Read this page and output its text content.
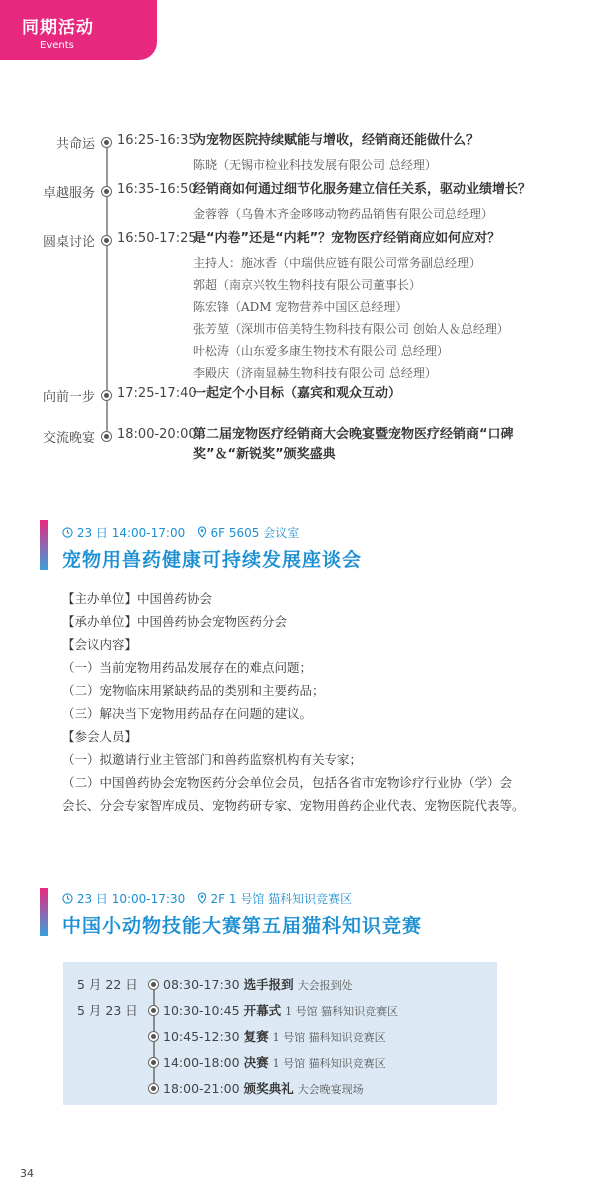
同期活动
Events
共命运 16:25-16:35
为宠物医院持续赋能与增收，经销商还能做什么？
陈晓（无锡市检业科技发展有限公司 总经理）
卓越服务 16:35-16:50
经销商如何通过细节化服务建立信任关系，驱动业绩增长？
金蓉蓉（乌鲁木齐金哆哆动物药品销售有限公司总经理）
圆桌讨论 16:50-17:25
是“内卷”还是“内耗”？宠物医疗经销商应如何应对？
主持人：施冰香（中瑞供应链有限公司常务副总经理）
郭超（南京兴牧生物科技有限公司董事长）
陈宏锋（ADM 宠物营养中国区总经理）
张芳堃（深圳市倍美特生物科技有限公司 创始人＆总经理）
叶松涛（山东爱多康生物技术有限公司 总经理）
李殿庆（济南显赫生物科技有限公司 总经理）
向前一步 17:25-17:40
一起定个小目标（嘉宾和观众互动）
交流晚宴 18:00-20:00
第二届宠物医疗经销商大会晚宴暨宠物医疗经销商“口碑奖”＆“新锐奖”颁奖盛典
23 日 14:00-17:00 6F 5605 会议室
宠物用兽药健康可持续发展座谈会
【主办单位】中国兽药协会
【承办单位】中国兽药协会宠物医药分会
【会议内容】
（一）当前宠物用药品发展存在的难点问题；
（二）宠物临床用紧缺药品的类别和主要药品；
（三）解决当下宠物用药品存在问题的建议。
【参会人员】
（一）拟邀请行业主管部门和兽药监察机构有关专家；
（二）中国兽药协会宠物医药分会单位会员，包括各省市宠物诊疗行业协（学）会
会长、分会专家智库成员、宠物药研专家、宠物用兽药企业代表、宠物医院代表等。
23 日 10:00-17:30 2F 1 号馆 猫科知识竞赛区
中国小动物技能大赛第五届猫科知识竞赛
5 月 22 日 08:30-17:30 选手报到 大会报到处
5 月 23 日 10:30-10:45 开幕式 1 号馆 猫科知识竞赛区
10:45-12:30 复赛 1 号馆 猫科知识竞赛区
14:00-18:00 决赛 1 号馆 猫科知识竞赛区
18:00-21:00 颁奖典礼 大会晚宴现场
34
